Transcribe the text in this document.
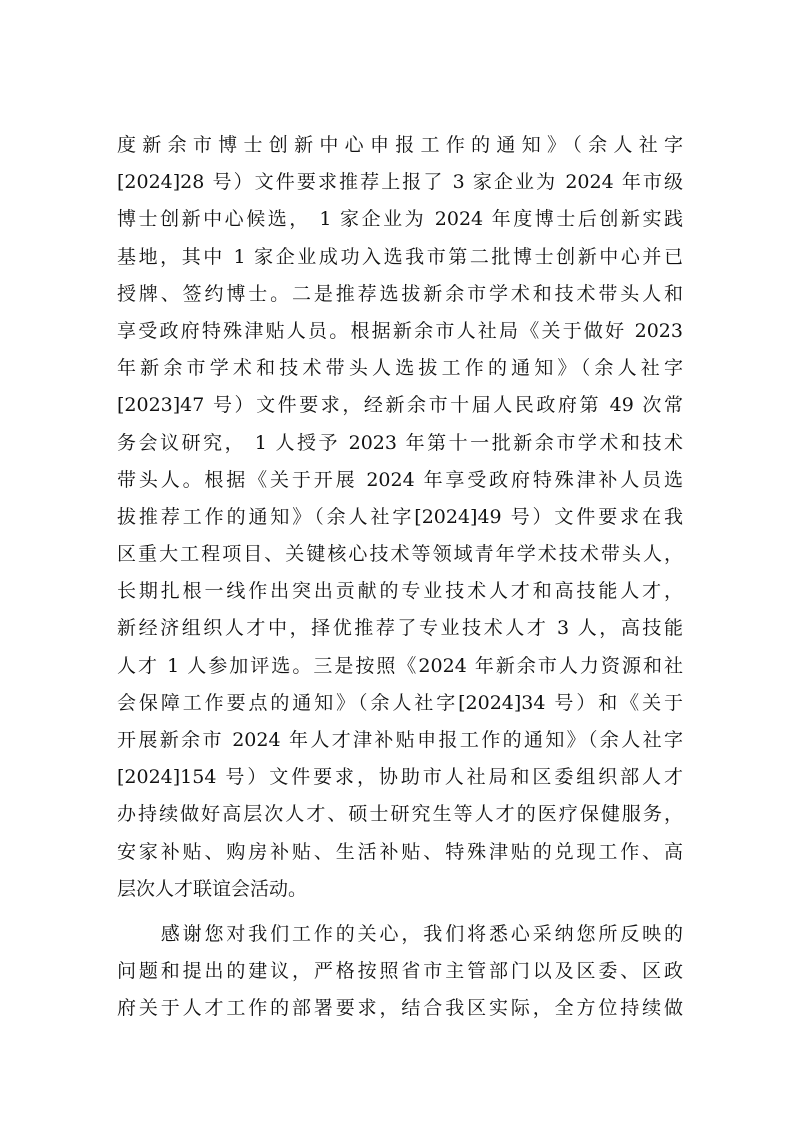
度新余市博士创新中心申报工作的通知》（余人社字
[2024]28 号）文件要求推荐上报了 3 家企业为 2024 年市级
博士创新中心候选， 1 家企业为 2024 年度博士后创新实践
基地，其中 1 家企业成功入选我市第二批博士创新中心并已
授牌、签约博士。二是推荐选拔新余市学术和技术带头人和
享受政府特殊津贴人员。根据新余市人社局《关于做好 2023
年新余市学术和技术带头人选拔工作的通知》（余人社字
[2023]47 号）文件要求，经新余市十届人民政府第 49 次常
务会议研究， 1 人授予 2023 年第十一批新余市学术和技术
带头人。根据《关于开展 2024 年享受政府特殊津补人员选
拔推荐工作的通知》（余人社字[2024]49 号）文件要求在我
区重大工程项目、关键核心技术等领域青年学术技术带头人，
长期扎根一线作出突出贡献的专业技术人才和高技能人才，
新经济组织人才中，择优推荐了专业技术人才 3 人，高技能
人才 1 人参加评选。三是按照《2024 年新余市人力资源和社
会保障工作要点的通知》（余人社字[2024]34 号）和《关于
开展新余市 2024 年人才津补贴申报工作的通知》（余人社字
[2024]154 号）文件要求，协助市人社局和区委组织部人才
办持续做好高层次人才、硕士研究生等人才的医疗保健服务，
安家补贴、购房补贴、生活补贴、特殊津贴的兑现工作、高
层次人才联谊会活动。
　　感谢您对我们工作的关心，我们将悉心采纳您所反映的
问题和提出的建议，严格按照省市主管部门以及区委、区政
府关于人才工作的部署要求，结合我区实际，全方位持续做
